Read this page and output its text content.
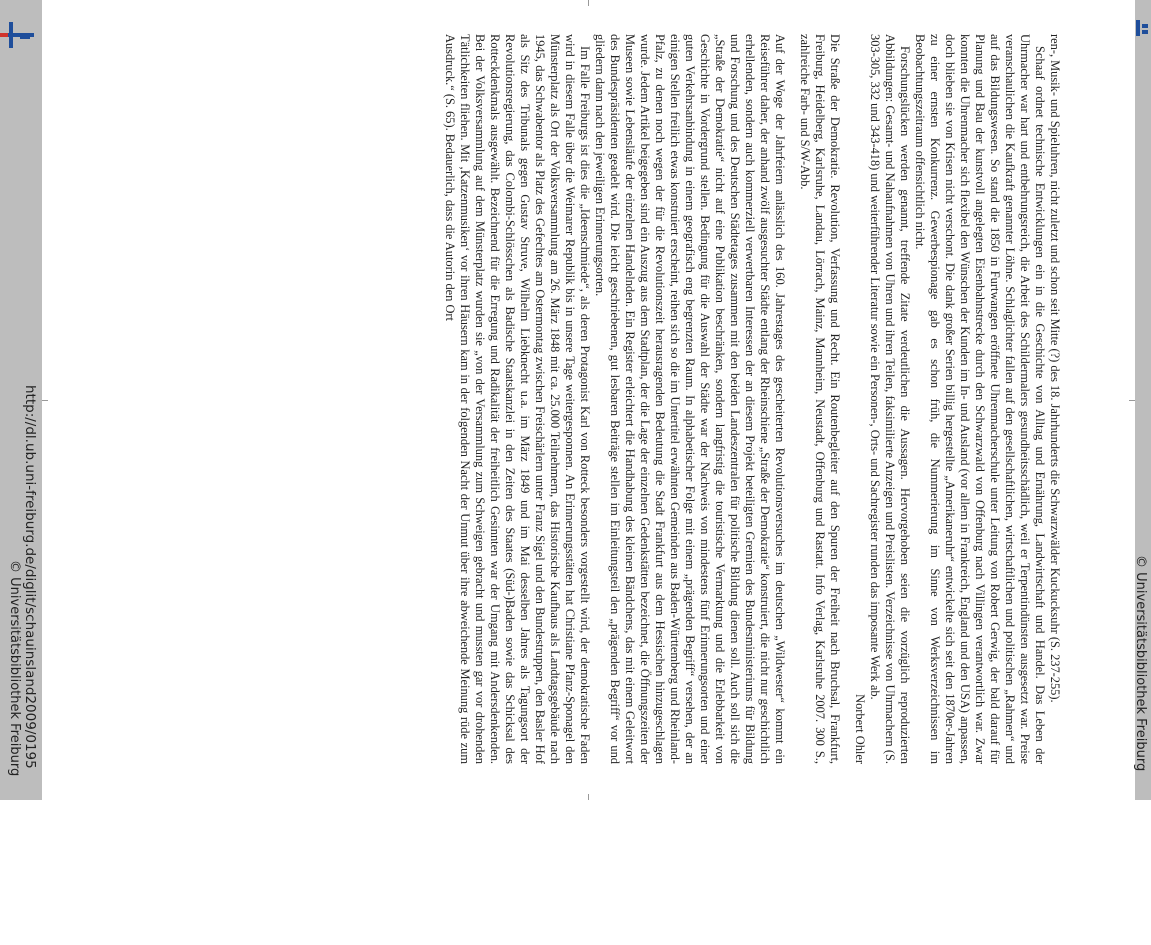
ren-, Musik- und Spieluhren, nicht zuletzt und schon seit Mitte (?) des 18. Jahrhunderts die Schwarzwälder Kuckucksuhr (S. 237-255).

Schaaf ordnet technische Entwicklungen ein in die Geschichte von Alltag und Ernährung, Landwirtschaft und Handel. Das Leben der Uhrmacher war hart und entbehrungsreich, die Arbeit des Schildermalers gesundheitsschädlich, weil er Terpentindünsten ausgesetzt war. Preise veranschaulichen die Kaufkraft genannter Löhne. Schlaglichter fallen auf den gesellschaftlichen, wirtschaftlichen und politischen „Rahmen“ und auf das Bildungswesen. So stand die 1850 in Furtwangen eröffnete Uhrenmacherschule unter Leitung von Robert Gerwig, der bald darauf für Planung und Bau der kunstvoll angelegten Eisenbahnstrecke durch den Schwarzwald von Offenburg nach Villingen verantwortlich war. Zwar konnten die Uhrenmacher sich flexibel den Wünschen der Kunden im In- und Ausland (vor allem in Frankreich, England und den USA) anpassen, doch blieben sie von Krisen nicht verschont. Die dank großer Serien billig hergestellte „Amerikaneruhr“ entwickelte sich seit den 1870er-Jahren zu einer ernsten Konkurrenz. Gewerbespionage gab es schon früh, die Nummerierung im Sinne von Werksverzeichnissen im Beobachtungszeitraum offensichtlich nicht.

Forschungslücken werden genannt, treffende Zitate verdeutlichen die Aussagen. Hervorgehoben seien die vorzüglich reproduzierten Abbildungen: Gesamt- und Nahaufnahmen von Uhren und ihren Teilen, faksimilierte Anzeigen und Preislisten. Verzeichnisse von Uhrmachern (S. 303-305, 332 und 343-418) und weiterführender Literatur sowie ein Personen-, Orts- und Sachregister runden das imposante Werk ab.

Norbert Ohler

Die Straße der Demokratie. Revolution, Verfassung und Recht. Ein Routenbegleiter auf den Spuren der Freiheit nach Bruchsal, Frankfurt, Freiburg, Heidelberg, Karlsruhe, Landau, Lörrach, Mainz, Mannheim, Neustadt, Offenburg und Rastatt. Info Verlag, Karlsruhe 2007. 300 S., zahlreiche Farb- und S/W-Abb.

Auf der Woge der Jahrfeiern anlässlich des 160. Jahrestages des gescheiterten Revolutionsversuches im deutschen „Wildwester“ kommt ein Reiseführer daher, der anhand zwölf ausgesuchter Städte entlang der Rheinschiene „Straße der Demokratie“ konstruiert, die nicht nur geschichtlich erhellenden, sondern auch kommerziell verwertbaren Interessen der an diesem Projekt beteiligten Gremien des Bundesministeriums für Bildung und Forschung und des Deutschen Städtetages zusammen mit den beiden Landeszentralen für politische Bildung dienen soll. Auch soll sich die „Straße der Demokratie“ nicht auf eine Publikation beschränken, sondern langfristig die touristische Vermarktung und die Erlebbarkeit von Geschichte in Vordergrund stellen. Bedingung für die Auswahl der Städte war der Nachweis von mindestens fünf Erinnerungsorten und einer guten Verkehrsanbindung in einem geografisch eng begrenzten Raum. In alphabetischer Folge mit einem „prägenden Begriff“ versehen, der an einigen Stellen freilich etwas konstruiert erscheint, reihen sich so die im Untertitel erwähnten Gemeinden aus Baden-Württemberg und Rheinland-Pfalz, zu denen noch wegen der für die Revolutionszeit herausragenden Bedeutung die Stadt Frankfurt aus dem Hessischen hinzugeschlagen wurde. Jedem Artikel beigegeben sind ein Auszug aus dem Stadtplan, der die Lage der einzelnen Gedenkstätten bezeichnet, die Öffnungszeiten der Museen sowie Lebensläufe der einzelnen Handelnden. Ein Register erleichtert die Handhabung des kleinen Bändchens, das mit einem Geleitwort des Bundespräsidenten geadelt wird. Die leicht geschriebenen, gut lesbaren Beiträge stellen im Einleitungsteil den „prägenden Begriff“ vor und gliedern dann nach den jeweiligen Erinnerungsorten.

Im Falle Freiburgs ist dies die „Ideenschmiede“, als deren Protagonist Karl von Rotteck besonders vorgestellt wird, der demokratische Faden wird in diesem Falle über die Weimarer Republik bis in unsere Tage weitergesponnen. An Erinnerungsstätten hat Christiane Pfanz-Sponagel den Münsterplatz als Ort der Volksversammlung am 26. März 1848 mit ca. 25.000 Teilnehmern, das Historische Kaufhaus als Landtagsgebäude nach 1945, das Schwabentor als Platz des Gefechtes am Ostermontag zwischen Freischärlern unter Franz Sigel und den Bundestruppen, den Basler Hof als Sitz des Tribunals gegen Gustav Struve, Wilhelm Liebknecht u.a. im März 1849 und im Mai desselben Jahres als Tagungsort der Revolutionsregierung, das Colombi-Schlösschen als Badische Staatskanzlei in den Zeiten des Staates (Süd-)Baden sowie das Schicksal des Rotteckdenkmals ausgewählt. Bezeichnend für die Erregung und Radikalität der freiheitlich Gesinnten war der Umgang mit Andersdenkenden. Bei der Volksversammlung auf dem Münsterplatz wurden sie „von der Versammlung zum Schweigen gebracht und mussten gar vor drohenden Tätlichkeiten fliehen. Mit ‚Katzenmusiken‘ vor ihren Häusern kam in der folgenden Nacht der Unmut über ihre abweichende Meinung rüde zum Ausdruck.“ (S. 65). Bedauerlich, dass die Autorin den Ort

http://dl.ub.uni-freiburg.de/diglit/schauinsland2009/0195
© Universitätsbibliothek Freiburg	© Universitätsbibliothek Freiburg
